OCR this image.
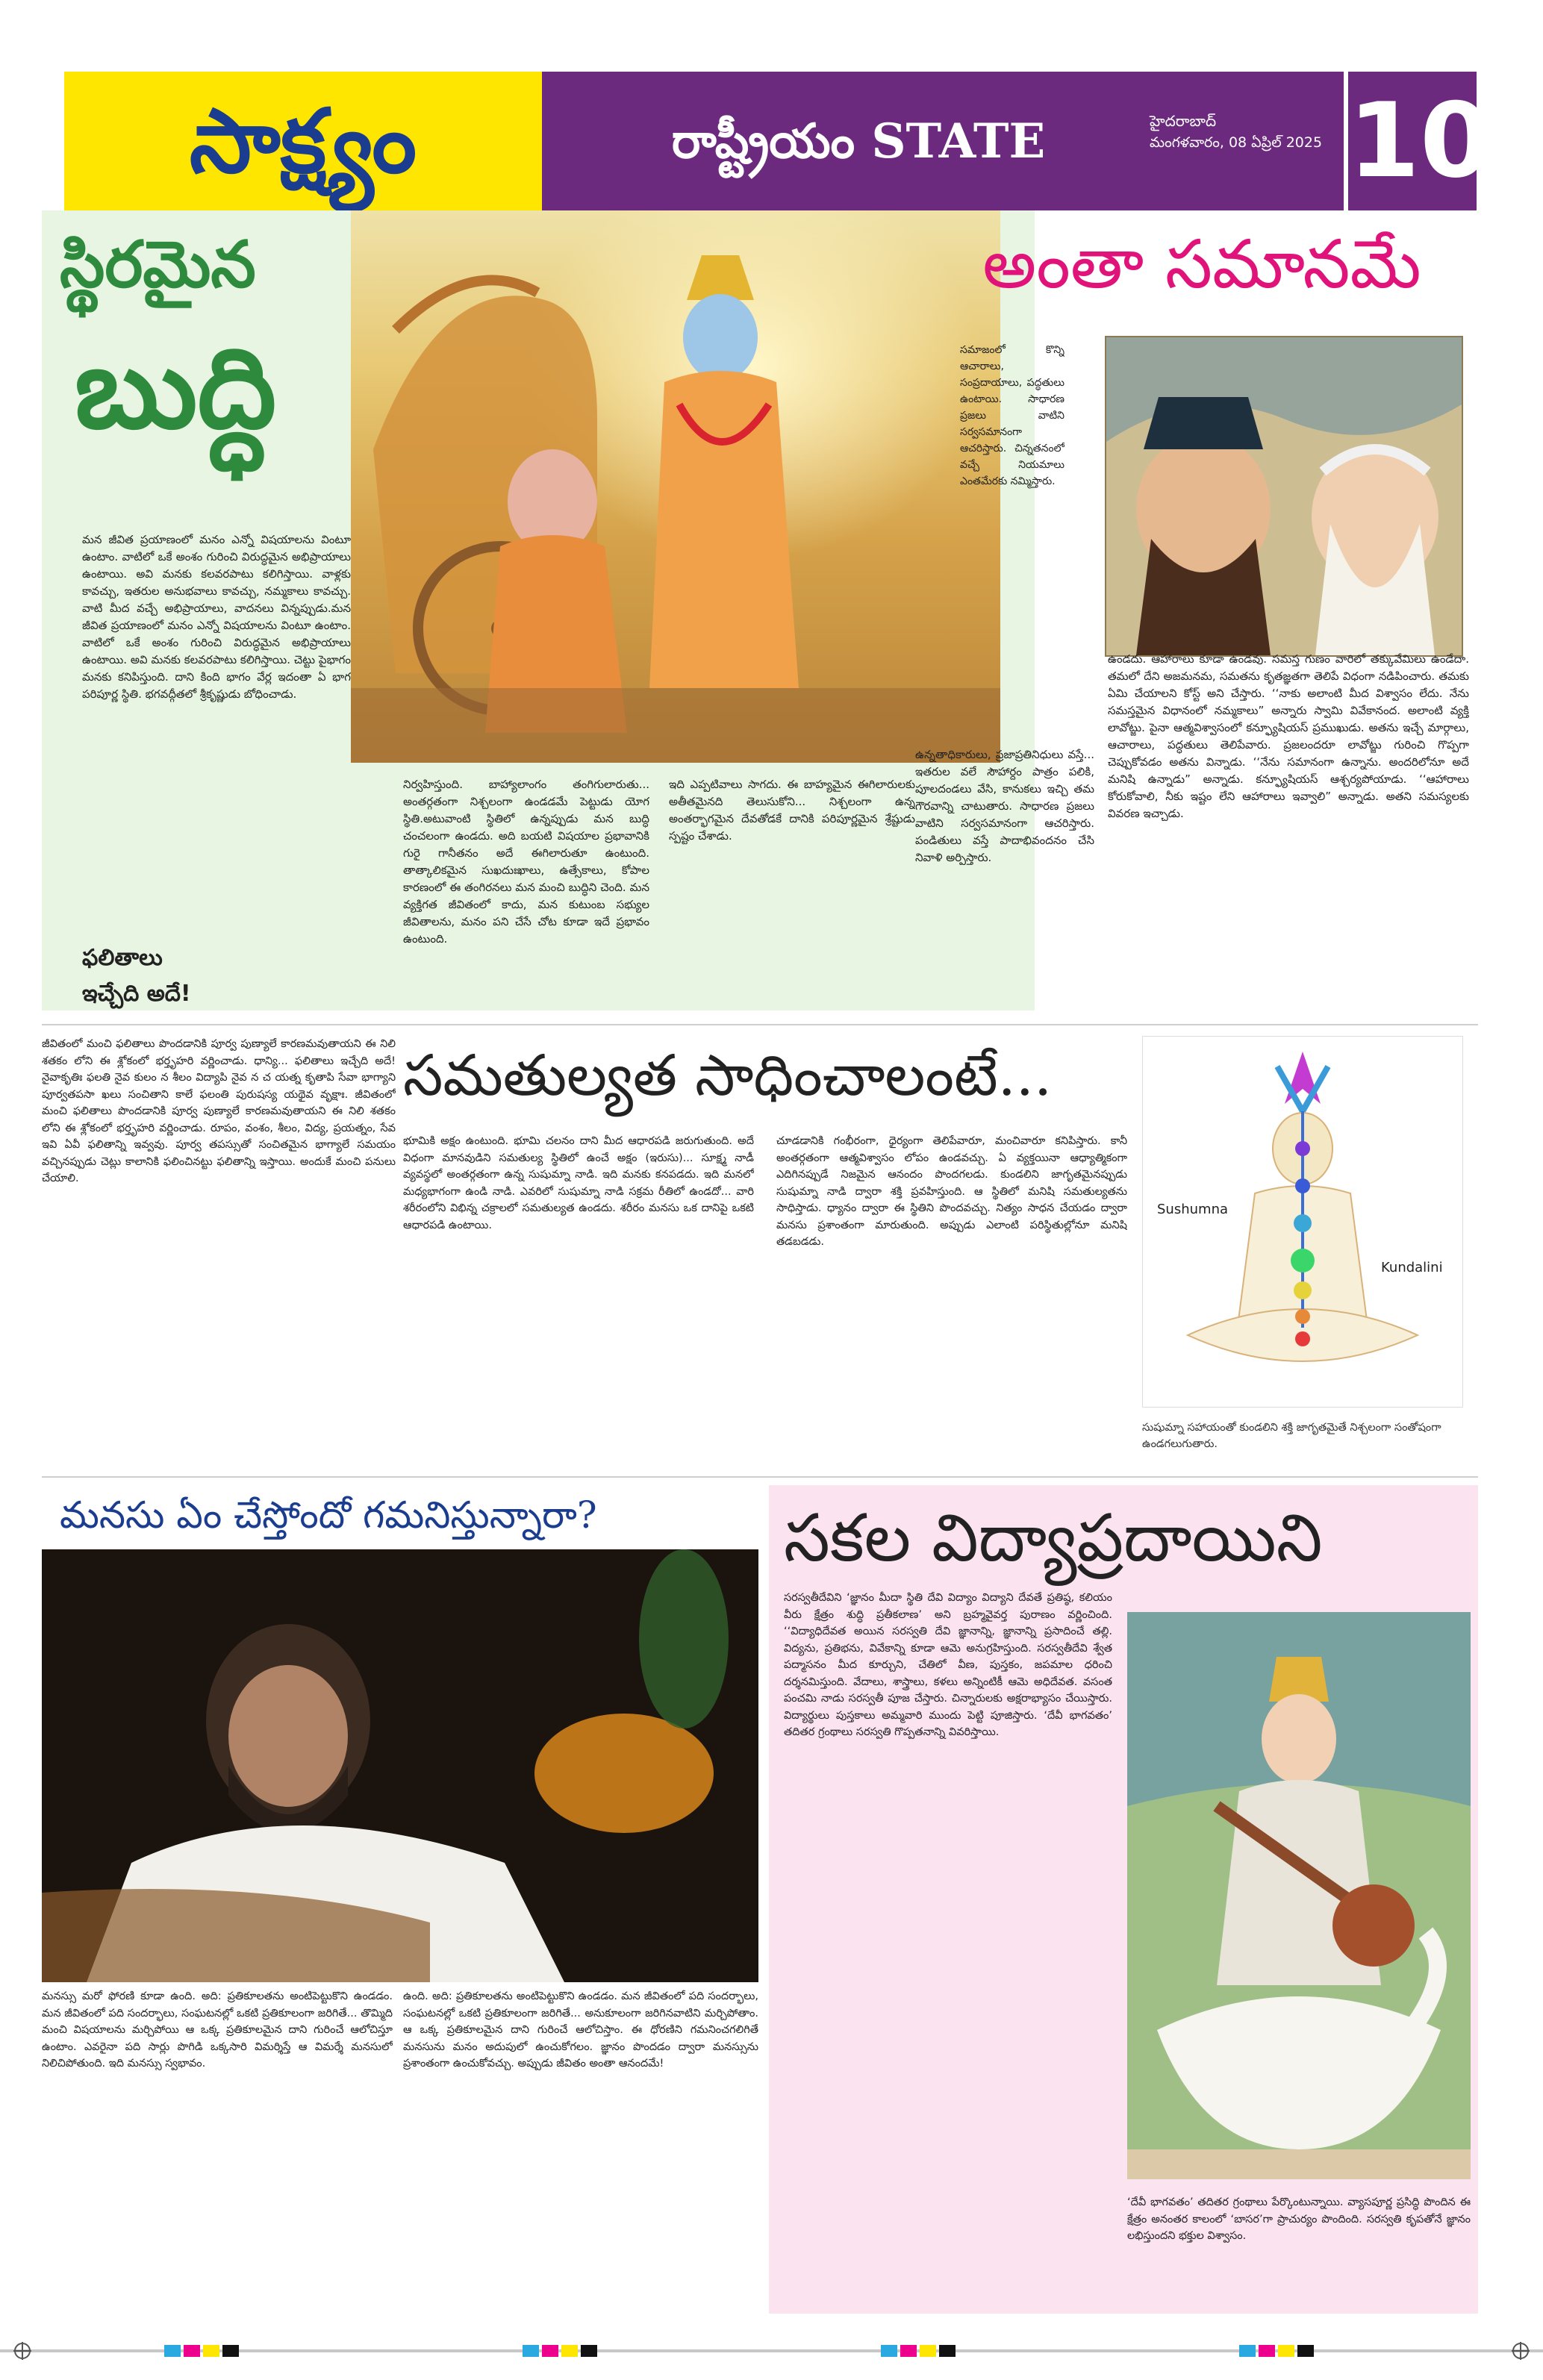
సాక్ష్యం	రాష్ట్రీయం STATE	హైదరాబాద్
మంగళవారం, 08 ఏప్రిల్ 2025 10
స్థిరమైన
బుద్ధి
మన జీవిత ప్రయాణంలో మనం ఎన్నో విషయాలను వింటూ ఉంటాం. వాటిలో ఒకే అంశం గురించి విరుద్ధమైన అభిప్రాయాలు ఉంటాయి. అవి మనకు కలవరపాటు కలిగిస్తాయి. వాళ్లకు కావచ్చు, ఇతరుల అనుభవాలు కావచ్చు, నమ్మకాలు కావచ్చు. వాటి మీద వచ్చే అభిప్రాయాలు, వాదనలు విన్నప్పుడు.మన జీవిత ప్రయాణంలో మనం ఎన్నో విషయాలను వింటూ ఉంటాం. వాటిలో ఒకే అంశం గురించి విరుద్ధమైన అభిప్రాయాలు ఉంటాయి. అవి మనకు కలవరపాటు కలిగిస్తాయి. చెట్టు పైభాగం మనకు కనిపిస్తుంది. దాని కింది భాగం వేర్ల ఇదంతా ఏ భాగ పరిపూర్ణ స్థితి. భగవద్గీతలో శ్రీకృష్ణుడు బోధించాడు.
ఫలితాలు
ఇచ్చేది అదే!
నిర్వహిస్తుంది. బాహ్యాలాంగం తంగిగులారుతు... అంతర్గతంగా నిశ్చలంగా ఉండడమే పెట్టుడు యోగ స్థితి.అటువాంటి స్థితిలో ఉన్నప్పుడు మన బుద్ధి చంచలంగా ఉండదు. అది బయటి విషయాల ప్రభావానికి గురై గానీతనం అదే ఈగిలారుతూ ఉంటుంది. తాత్కాలికమైన సుఖదుఃఖాలు, ఉత్సేకాలు, కోపాల కారణంలో ఈ తంగిరనలు మన మంచి బుద్ధిని చెంది. మన వ్యక్తిగత జీవితంలో కాదు, మన కుటుంబ సభ్యుల జీవితాలను, మనం పని చేసే చోట కూడా ఇదే ప్రభావం ఉంటుంది.
ఇది ఎప్పటివాలు సాగదు. ఈ బాహ్యమైన ఈగిలారులకు అతీతమైనది తెలుసుకోని... నిశ్చలంగా ఉన్న అంతర్భాగమైన దేవతోడకే దానికి పరిపూర్ణమైన శ్రేష్టుడు స్పష్టం చేశాడు.
సమాజంలో కొన్ని ఆచారాలు, సంప్రదాయాలు, పద్ధతులు ఉంటాయి. సాధారణ ప్రజలు వాటిని సర్వసమానంగా ఆచరిస్తారు. చిన్నతనంలో వచ్చే నియమాలు ఎంతమేరకు నమ్మిస్తారు.
ఉన్నతాధికారులు, ప్రజాప్రతినిధులు వస్తే... ఇతరుల వలే సౌహార్దం పాత్రం పలికి, పూలదండలు వేసి, కానుకలు ఇచ్చి తమ గౌరవాన్ని చాటుతారు. సాధారణ ప్రజలు వాటిని సర్వసమానంగా ఆచరిస్తారు. పండితులు వస్తే పాదాభివందనం చేసి నివాళి అర్పిస్తారు.
అంతా సమానమే
ఉండదు. ఆహారాలు కూడా ఉండవు. సమస్త గుణం వారిలో తక్కువేమిలు ఉండేదా. తమలో దేని అజమనమ, సమతను కృతజ్ఞతగా తెలిపే విధంగా నడిపించారు. తమకు ఏమి చేయాలని కోస్ట్ అని చేస్తారు. ‘‘నాకు అలాంటి మీద విశ్వాసం లేదు. నేను సమస్తమైన విధానంలో నమ్మకాలు” అన్నారు స్వామి వివేకానంద. అలాంటి వ్యక్తి లావోట్జు. పైనా ఆత్మవిశ్వాసంలో కన్ఫ్యూషియస్ ప్రముఖుడు. అతను ఇచ్చే మార్గాలు, ఆచారాలు, పద్ధతులు తెలిపేవారు. ప్రజలందరూ లావోట్జు గురించి గొప్పగా చెప్పుకోవడం అతను విన్నాడు. ‘‘నేను సమానంగా ఉన్నాను. అందరిలోనూ అదే మనిషి ఉన్నాడు” అన్నాడు. కన్ఫ్యూషియస్ ఆశ్చర్యపోయాడు. ‘‘ఆహారాలు కోరుకోవాలి, నీకు ఇష్టం లేని ఆహారాలు ఇవ్వాలి” అన్నాడు. అతని సమస్యలకు వివరణ ఇచ్చాడు.
జీవితంలో మంచి ఫలితాలు పొందడానికి పూర్వ పుణ్యాలే కారణమవుతాయని ఈ నిలి శతకం లోని ఈ శ్లోకంలో భర్తృహరి వర్ణించాడు. ధాన్యి... ఫలితాలు ఇచ్చేది అదే! నైవాకృతిః ఫలతి నైవ కులం న శీలం విద్యాపి నైవ న చ యత్న కృతాపి సేవా భాగ్యాని పూర్వతపసా ఖలు సంచితాని కాలే ఫలంతి పురుషస్య యథైవ వృక్షాః. జీవితంలో మంచి ఫలితాలు పొందడానికి పూర్వ పుణ్యాలే కారణమవుతాయని ఈ నిలి శతకం లోని ఈ శ్లోకంలో భర్తృహరి వర్ణించాడు. రూపం, వంశం, శీలం, విద్య, ప్రయత్నం, సేవ ఇవి ఏవీ ఫలితాన్ని ఇవ్వవు. పూర్వ తపస్సుతో సంచితమైన భాగ్యాలే సమయం వచ్చినప్పుడు చెట్లు కాలానికి ఫలించినట్టు ఫలితాన్ని ఇస్తాయి. అందుకే మంచి పనులు చేయాలి.
సమతుల్యత సాధించాలంటే...
భూమికి అక్షం ఉంటుంది. భూమి చలనం దాని మీద ఆధారపడి జరుగుతుంది. అదే విధంగా మానవుడిని సమతుల్య స్థితిలో ఉంచే అక్షం (ఇరుసు)... సూక్ష్మ నాడీ వ్యవస్థలో అంతర్గతంగా ఉన్న సుషుమ్నా నాడి. ఇది మనకు కనపడదు. ఇది మనలో మధ్యభాగంగా ఉండి నాడి. ఎవరిలో సుషుమ్నా నాడి సక్రమ రీతిలో ఉండదో... వారి శరీరంలోని విభిన్న చక్రాలలో సమతుల్యత ఉండదు. శరీరం మనసు ఒక దానిపై ఒకటి ఆధారపడి ఉంటాయి.
చూడడానికి గంభీరంగా, ధైర్యంగా తెలిపేవారూ, మంచివారూ కనిపిస్తారు. కానీ అంతర్గతంగా ఆత్మవిశ్వాసం లోపం ఉండవచ్చు. ఏ వ్యక్తయినా ఆధ్యాత్మికంగా ఎదిగినప్పుడే నిజమైన ఆనందం పొందగలడు. కుండలిని జాగృతమైనప్పుడు సుషుమ్నా నాడి ద్వారా శక్తి ప్రవహిస్తుంది. ఆ స్థితిలో మనిషి సమతుల్యతను సాధిస్తాడు. ధ్యానం ద్వారా ఈ స్థితిని పొందవచ్చు. నిత్యం సాధన చేయడం ద్వారా మనసు ప్రశాంతంగా మారుతుంది. అప్పుడు ఎలాంటి పరిస్థితుల్లోనూ మనిషి తడబడడు.
Sushumna
Kundalini
సుషుమ్నా సహాయంతో కుండలిని శక్తి జాగృతమైతే నిశ్చలంగా సంతోషంగా ఉండగలుగుతారు.
మనసు ఏం చేస్తోందో గమనిస్తున్నారా?
మనస్సు మరో ఫోరణి కూడా ఉంది. అది: ప్రతికూలతను అంటిపెట్టుకొని ఉండడం. మన జీవితంలో పది సందర్భాలు, సంఘటనల్లో ఒకటి ప్రతికూలంగా జరిగితే... తొమ్మిది మంచి విషయాలను మర్చిపోయి ఆ ఒక్క ప్రతికూలమైన దాని గురించే ఆలోచిస్తూ ఉంటాం. ఎవరైనా పది సార్లు పొగిడి ఒక్కసారి విమర్శిస్తే ఆ విమర్శే మనసులో నిలిచిపోతుంది. ఇది మనస్సు స్వభావం.
ఉంది. అది: ప్రతికూలతను అంటిపెట్టుకొని ఉండడం. మన జీవితంలో పది సందర్భాలు, సంఘటనల్లో ఒకటి ప్రతికూలంగా జరిగితే... అనుకూలంగా జరిగినవాటిని మర్చిపోతాం. ఆ ఒక్క ప్రతికూలమైన దాని గురించే ఆలోచిస్తాం. ఈ ధోరణిని గమనించగలిగితే మనసును మనం అదుపులో ఉంచుకోగలం. జ్ఞానం పొందడం ద్వారా మనస్సును ప్రశాంతంగా ఉంచుకోవచ్చు. అప్పుడు జీవితం అంతా ఆనందమే!
సకల విద్యాప్రదాయిని
సరస్వతీదేవిని ‘జ్ఞానం మీదా స్థితి దేవి విద్యాం విద్యాని దేవతే ప్రతిష్ఠ, కలియం వీరు క్షేత్రం శుద్ధి ప్రతీకలాణ’ అని బ్రహ్మవైవర్త పురాణం వర్ణించింది. ‘‘విద్యాధిదేవత అయిన సరస్వతి దేవి జ్ఞానాన్ని, జ్ఞానాన్ని ప్రసాదించే తల్లి. విద్యను, ప్రతిభను, వివేకాన్ని కూడా ఆమె అనుగ్రహిస్తుంది. సరస్వతీదేవి శ్వేత పద్మాసనం మీద కూర్చుని, చేతిలో వీణ, పుస్తకం, జపమాల ధరించి దర్శనమిస్తుంది. వేదాలు, శాస్త్రాలు, కళలు అన్నింటికీ ఆమె అధిదేవత. వసంత పంచమి నాడు సరస్వతీ పూజ చేస్తారు. చిన్నారులకు అక్షరాభ్యాసం చేయిస్తారు. విద్యార్థులు పుస్తకాలు అమ్మవారి ముందు పెట్టి పూజిస్తారు. ‘దేవీ భాగవతం’ తదితర గ్రంథాలు సరస్వతి గొప్పతనాన్ని వివరిస్తాయి.
‘దేవీ భాగవతం’ తదితర గ్రంథాలు పేర్కొంటున్నాయి. వ్యాసపూర్ణ ప్రసిద్ధి పొందిన ఈ క్షేత్రం అనంతర కాలంలో ‘బాసర’గా ప్రాచుర్యం పొందింది. సరస్వతి కృపతోనే జ్ఞానం లభిస్తుందని భక్తుల విశ్వాసం.
